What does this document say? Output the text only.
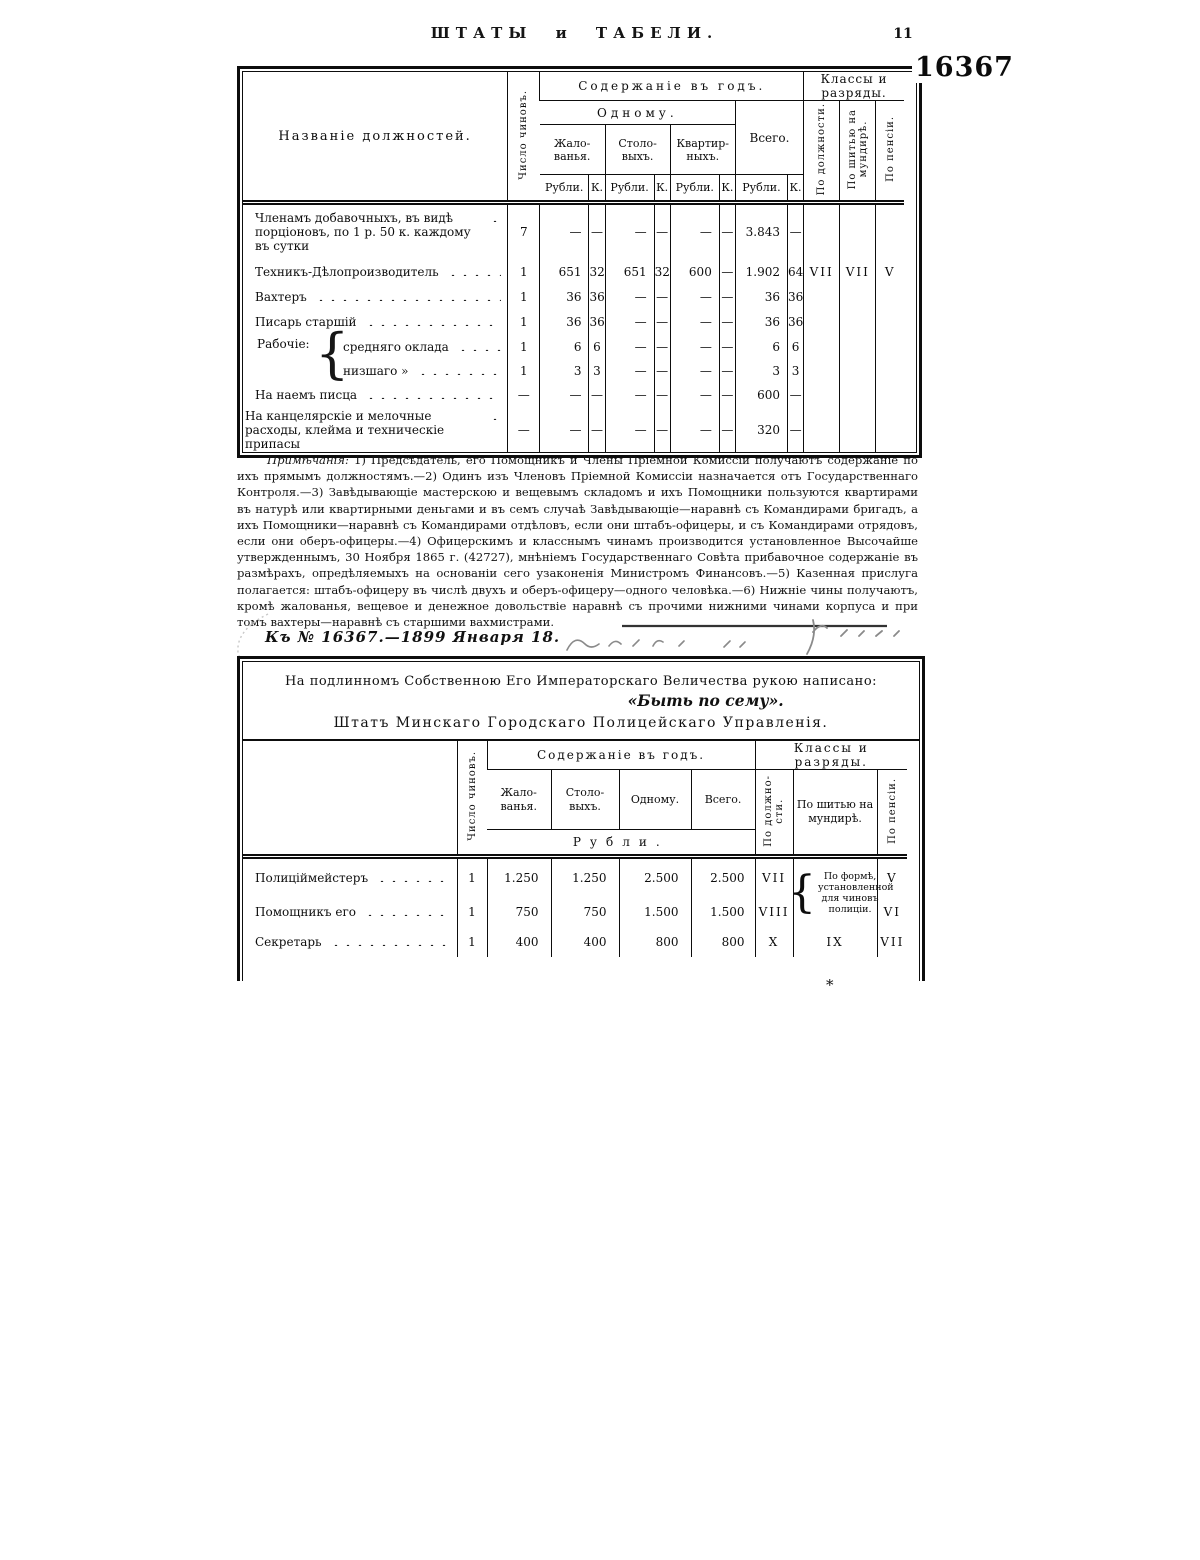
ШТАТЫ и ТАБЕЛИ.	11
16367
Названіе должностей.	Число чиновъ.	Содержаніе въ годъ.								Классы и разряды.		
		Одному.						Всего.		По должности.	По шитью на
мундирѣ.	По пенсіи.
		Жало-
ванья.		Столо-
выхъ.		Квартир-
ныхъ.						
		Рубли.	К.	Рубли.	К.	Рубли.	К.	Рубли.	К.			

Членамъ добавочныхъ, въ видѣ порціоновъ, по 1 р. 50 к. каждому въ сутки	7	—	—	—	—	—	—	3.843	—			

Техникъ-Дѣлопроизводитель	1	651	32	651	32	600	—	1.902	64	VII	VII	V

Вахтеръ	1	36	36	—	—	—	—	36	36			

Писарь старшій	1	36	36	—	—	—	—	36	36			

Рабочіе: {
средняго оклада	1	6	6	—	—	—	—	6	6			

низшаго »	1	3	3	—	—	—	—	3	3			

На наемъ писца	—	—	—	—	—	—	—	600	—			

На канцелярскіе и мелочные расходы, клейма и техническіе припасы	—	—	—	—	—	—	—	320	—			
Примѣчанія: 1) Предсѣдатель, его Помощникъ и Члены Пріемной Комиссіи получаютъ содержаніе по ихъ прямымъ должностямъ.—2) Одинъ изъ Членовъ Пріемной Комиссіи назначается отъ Государственнаго Контроля.—3) Завѣдывающіе мастерскою и вещевымъ складомъ и ихъ Помощники пользуются квартирами въ натурѣ или квартирными деньгами и въ семъ случаѣ Завѣдывающіе—наравнѣ съ Командирами бригадъ, а ихъ Помощники—наравнѣ съ Командирами отдѣловъ, если они штабъ-офицеры, и съ Командирами отрядовъ, если они оберъ-офицеры.—4) Офицерскимъ и класснымъ чинамъ производится установленное Высочайше утвержденнымъ, 30 Ноября 1865 г. (42727), мнѣніемъ Государственнаго Совѣта прибавочное содержаніе въ размѣрахъ, опредѣляемыхъ на основаніи сего узаконенія Министромъ Финансовъ.—5) Казенная прислуга полагается: штабъ-офицеру въ числѣ двухъ и оберъ-офицеру—одного человѣка.—6) Нижніе чины получаютъ, кромѣ жалованья, вещевое и денежное довольствіе наравнѣ съ прочими нижними чинами корпуса и при томъ вахтеры—наравнѣ съ старшими вахмистрами.
Къ № 16367.—1899 Января 18.
На подлинномъ Собственною Его Императорскаго Величества рукою написано:
«Быть по сему».
Штатъ Минскаго Городскаго Полицейскаго Управленія.
	Число чиновъ.	Содержаніе въ годъ.				Классы и разряды.		
		Жало-
ванья.	Столо-
выхъ.	Одному.	Всего.	По должно-
сти.	По шитью на
мундирѣ.	По пенсіи.
		Рубли.						

Полиціймейстеръ	1	1.250	1.250	2.500	2.500	VII	{ По формѣ, установленной для чиновъ полиціи.	V

Помощникъ его	1	750	750	1.500	1.500	VIII		VI

Секретарь	1	400	400	800	800	X	IX	VII
*
